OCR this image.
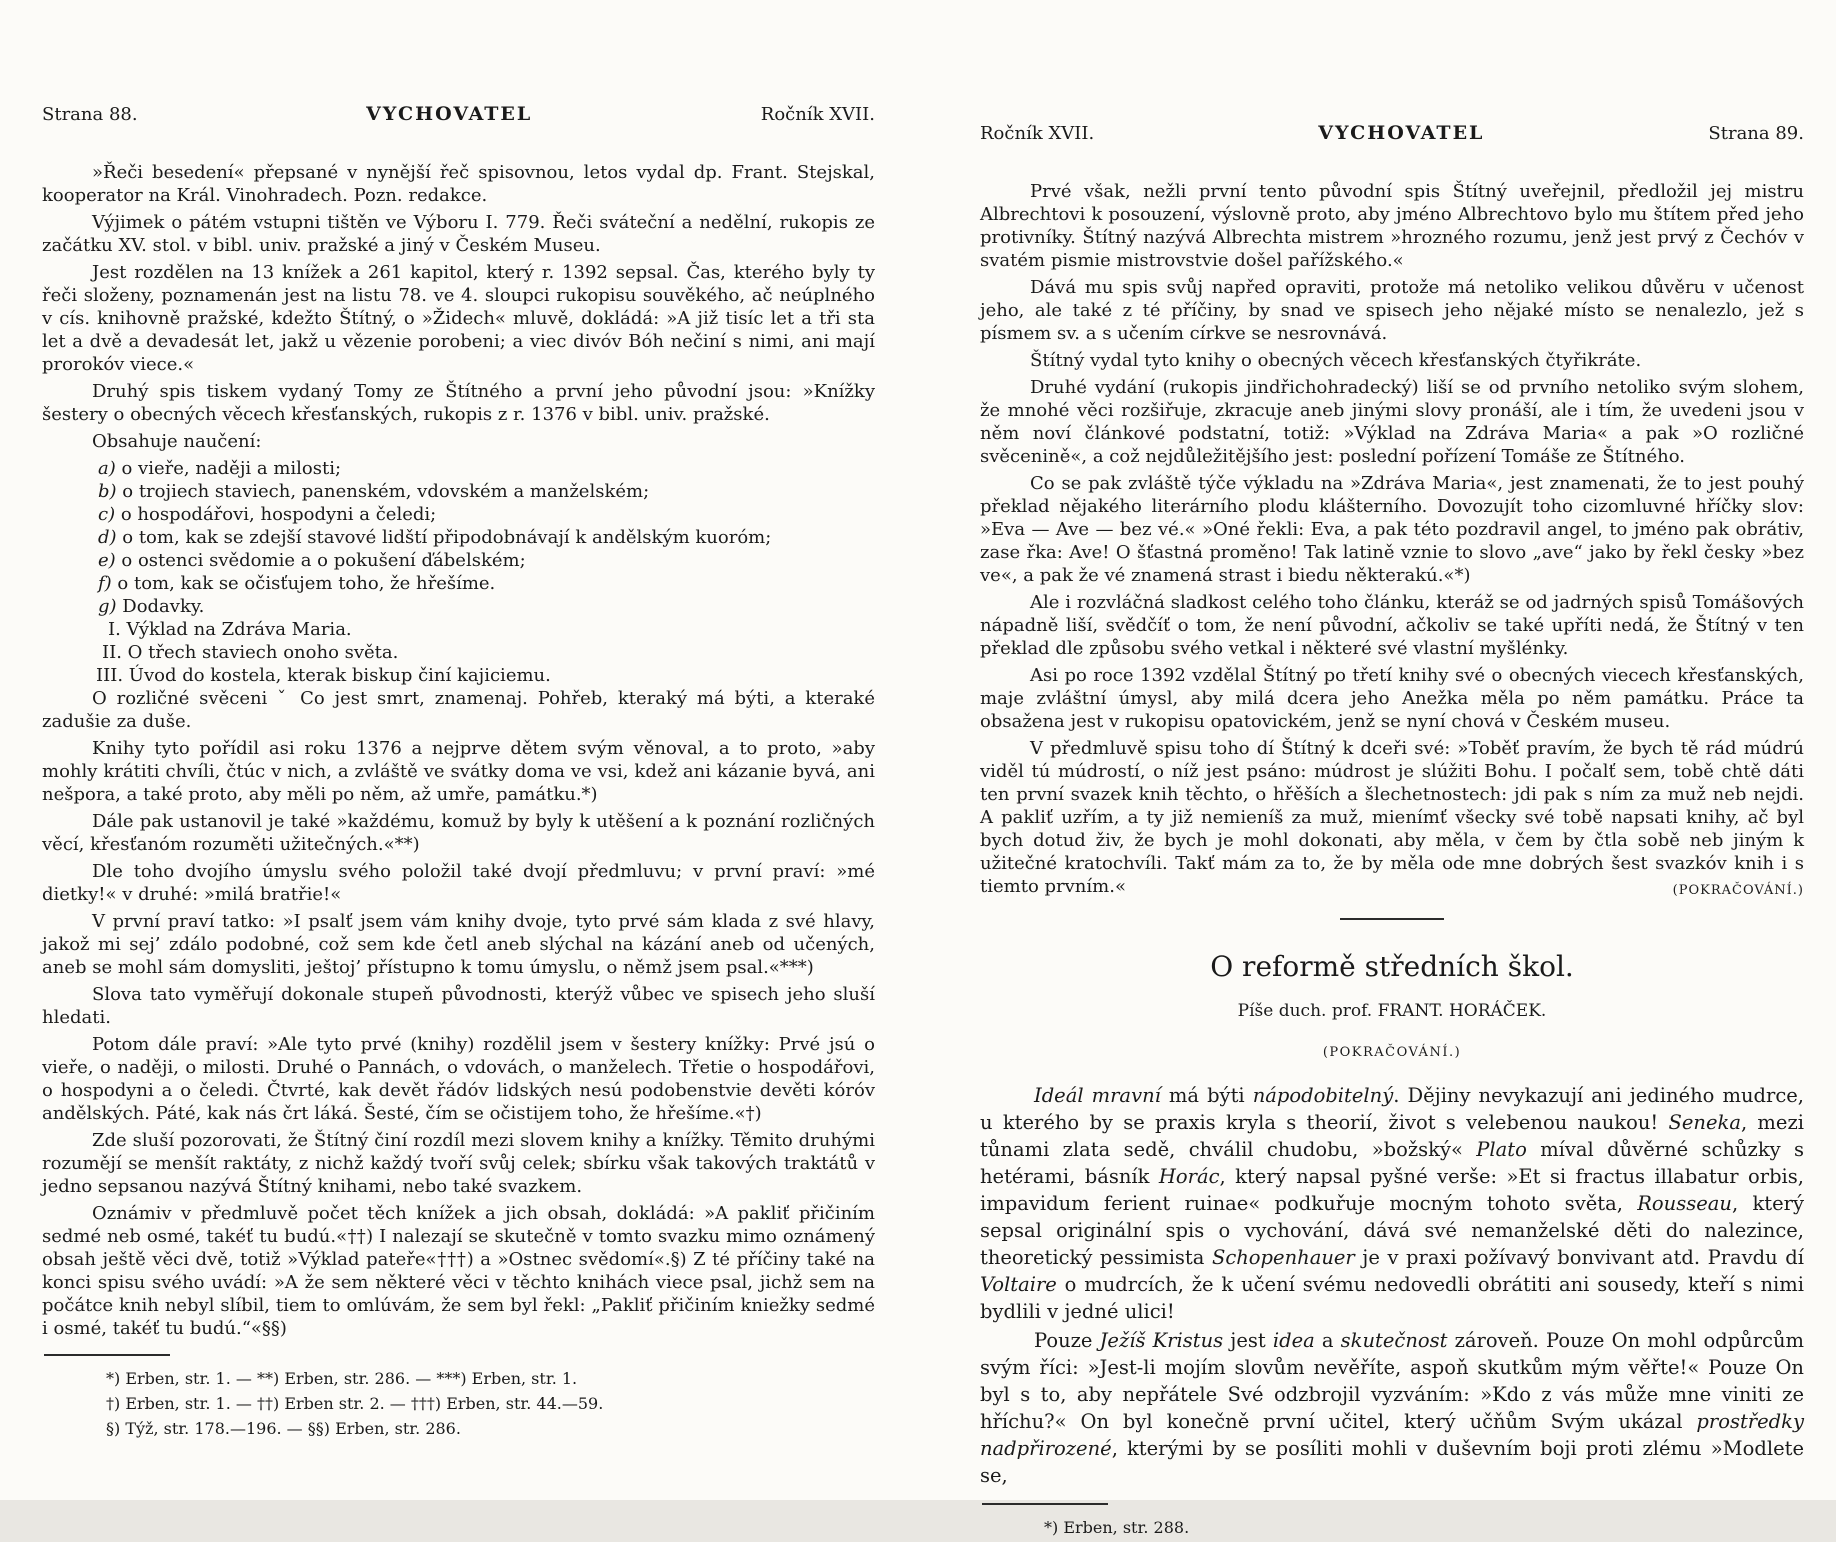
Strana 88.	VYCHOVATEL	Ročník XVII.

»Řeči besedení« přepsané v nynější řeč spisovnou, letos vydal dp. Frant. Stejskal, kooperator na Král. Vinohradech. Pozn. redakce.

Výjimek o pátém vstupni tištěn ve Výboru I. 779. Řeči sváteční a nedělní, rukopis ze začátku XV. stol. v bibl. univ. pražské a jiný v Českém Museu.

Jest rozdělen na 13 knížek a 261 kapitol, který r. 1392 sepsal. Čas, kterého byly ty řeči složeny, poznamenán jest na listu 78. ve 4. sloupci rukopisu souvěkého, ač neúplného v cís. knihovně pražské, kdežto Štítný, o »Židech« mluvě, dokládá: »A již tisíc let a tři sta let a dvě a devadesát let, jakž u vězenie porobeni; a viec divóv Bóh nečiní s nimi, ani mají prorokóv viece.«

Druhý spis tiskem vydaný Tomy ze Štítného a první jeho původní jsou: »Knížky šestery o obecných věcech křesťanských, rukopis z r. 1376 v bibl. univ. pražské.

Obsahuje naučení:

a) o vieře, naději a milosti;

b) o trojiech staviech, panenském, vdovském a manželském;

c) o hospodářovi, hospodyni a čeledi;

d) o tom, kak se zdejší stavové lidští připodobnávají k andělským kuoróm;

e) o ostenci svědomie a o pokušení ďábelském;

f) o tom, kak se očisťujem toho, že hřešíme.

g) Dodavky.

I. Výklad na Zdráva Maria.

II. O třech staviech onoho světa.

III. Úvod do kostela, kterak biskup činí kajiciemu.

O rozličné svěceni ˇ Co jest smrt, znamenaj. Pohřeb, kteraký má býti, a kteraké zadušie za duše.

Knihy tyto pořídil asi roku 1376 a nejprve dětem svým věnoval, a to proto, »aby mohly krátiti chvíli, čtúc v nich, a zvláště ve svátky doma ve vsi, kdež ani kázanie byvá, ani nešpora, a také proto, aby měli po něm, až umře, památku.*)

Dále pak ustanovil je také »každému, komuž by byly k utěšení a k poznání rozličných věcí, křesťanóm rozuměti užitečných.«**)

Dle toho dvojího úmyslu svého položil také dvojí předmluvu; v první praví: »mé dietky!« v druhé: »milá bratřie!«

V první praví tatko: »I psalť jsem vám knihy dvoje, tyto prvé sám klada z své hlavy, jakož mi sej’ zdálo podobné, což sem kde četl aneb slýchal na kázání aneb od učených, aneb se mohl sám domysliti, ještoj’ přístupno k tomu úmyslu, o němž jsem psal.«***)

Slova tato vyměřují dokonale stupeň původnosti, kterýž vůbec ve spisech jeho sluší hledati.

Potom dále praví: »Ale tyto prvé (knihy) rozdělil jsem v šestery knížky: Prvé jsú o vieře, o naději, o milosti. Druhé o Pannách, o vdovách, o manželech. Třetie o hospodářovi, o hospodyni a o čeledi. Čtvrté, kak devět řádóv lidských nesú podobenstvie devěti kóróv andělských. Páté, kak nás črt láká. Šesté, čím se očistijem toho, že hřešíme.«†)

Zde sluší pozorovati, že Štítný činí rozdíl mezi slovem knihy a knížky. Těmito druhými rozumějí se menšít raktáty, z nichž každý tvoří svůj celek; sbírku však takových traktátů v jedno sepsanou nazývá Štítný knihami, nebo také svazkem.

Oznámiv v předmluvě počet těch knížek a jich obsah, dokládá: »A pakliť přičiním sedmé neb osmé, takéť tu budú.«††) I nalezají se skutečně v tomto svazku mimo oznámený obsah ještě věci dvě, totiž »Výklad pateře«†††) a »Ostnec svědomí«.§) Z té příčiny také na konci spisu svého uvádí: »A že sem některé věci v těchto knihách viece psal, jichž sem na počátce knih nebyl slíbil, tiem to omlúvám, že sem byl řekl: „Pakliť přičiním kniežky sedmé i osmé, takéť tu budú.“«§§)

*) Erben, str. 1. — **) Erben, str. 286. — ***) Erben, str. 1.

†) Erben, str. 1. — ††) Erben str. 2. — †††) Erben, str. 44.—59.

§) Týž, str. 178.—196. — §§) Erben, str. 286.

Ročník XVII.	VYCHOVATEL	Strana 89.

Prvé však, nežli první tento původní spis Štítný uveřejnil, předložil jej mistru Albrechtovi k posouzení, výslovně proto, aby jméno Albrechtovo bylo mu štítem před jeho protivníky. Štítný nazývá Albrechta mistrem »hrozného rozumu, jenž jest prvý z Čechóv v svatém pismie mistrovstvie došel pařížského.«

Dává mu spis svůj napřed opraviti, protože má netoliko velikou důvěru v učenost jeho, ale také z té příčiny, by snad ve spisech jeho nějaké místo se nenalezlo, jež s písmem sv. a s učením církve se nesrovnává.

Štítný vydal tyto knihy o obecných věcech křesťanských čtyřikráte.

Druhé vydání (rukopis jindřichohradecký) liší se od prvního netoliko svým slohem, že mnohé věci rozšiřuje, zkracuje aneb jinými slovy pronáší, ale i tím, že uvedeni jsou v něm noví článkové podstatní, totiž: »Výklad na Zdráva Maria« a pak »O rozličné svěcenině«, a což nejdůležitějšího jest: poslední pořízení Tomáše ze Štítného.

Co se pak zvláště týče výkladu na »Zdráva Maria«, jest znamenati, že to jest pouhý překlad nějakého literárního plodu klášterního. Dovozujít toho cizomluvné hříčky slov: »Eva — Ave — bez vé.« »Oné řekli: Eva, a pak této pozdravil angel, to jméno pak obrátiv, zase řka: Ave! O šťastná proměno! Tak latině vznie to slovo „ave“ jako by řekl česky »bez ve«, a pak že vé znamená strast i biedu některakú.«*)

Ale i rozvláčná sladkost celého toho článku, kteráž se od jadrných spisů Tomášových nápadně liší, svědčíť o tom, že není původní, ačkoliv se také upříti nedá, že Štítný v ten překlad dle způsobu svého vetkal i některé své vlastní myšlénky.

Asi po roce 1392 vzdělal Štítný po třetí knihy své o obecných viecech křesťanských, maje zvláštní úmysl, aby milá dcera jeho Anežka měla po něm památku. Práce ta obsažena jest v rukopisu opatovickém, jenž se nyní chová v Českém museu.

V předmluvě spisu toho dí Štítný k dceři své: »Toběť pravím, že bych tě rád múdrú viděl tú múdrostí, o níž jest psáno: múdrost je slúžiti Bohu. I počalť sem, tobě chtě dáti ten první svazek knih těchto, o hřěších a šlechetnostech: jdi pak s ním za muž neb nejdi. A pakliť uzřím, a ty již nemieníš za muž, mienímť všecky své tobě napsati knihy, ač byl bych dotud živ, že bych je mohl dokonati, aby měla, v čem by čtla sobě neb jiným k užitečné kratochvíli. Takť mám za to, že by měla ode mne dobrých šest svazkóv knih i s tiemto prvním.«	(POKRAČOVÁNÍ.)

O reformě středních škol.

Píše duch. prof. FRANT. HORÁČEK.

(POKRAČOVÁNÍ.)

Ideál mravní má býti nápodobitelný. Dějiny nevykazují ani jediného mudrce, u kterého by se praxis kryla s theorií, život s velebenou naukou! Seneka, mezi tůnami zlata sedě, chválil chudobu, »božský« Plato míval důvěrné schůzky s hetérami, básník Horác, který napsal pyšné verše: »Et si fractus illabatur orbis, impavidum ferient ruinae« podkuřuje mocným tohoto světa, Rousseau, který sepsal originální spis o vychování, dává své nemanželské děti do nalezince, theoretický pessimista Schopenhauer je v praxi požívavý bonvivant atd. Pravdu dí Voltaire o mudrcích, že k učení svému nedovedli obrátiti ani sousedy, kteří s nimi bydlili v jedné ulici!

Pouze Ježíš Kristus jest idea a skutečnost zároveň. Pouze On mohl odpůrcům svým říci: »Jest-li mojím slovům nevěříte, aspoň skutkům mým věřte!« Pouze On byl s to, aby nepřátele Své odzbrojil vyzváním: »Kdo z vás může mne viniti ze hříchu?« On byl konečně první učitel, který učňům Svým ukázal prostředky nadpřirozené, kterými by se posíliti mohli v duševním boji proti zlému »Modlete se,

*) Erben, str. 288.
